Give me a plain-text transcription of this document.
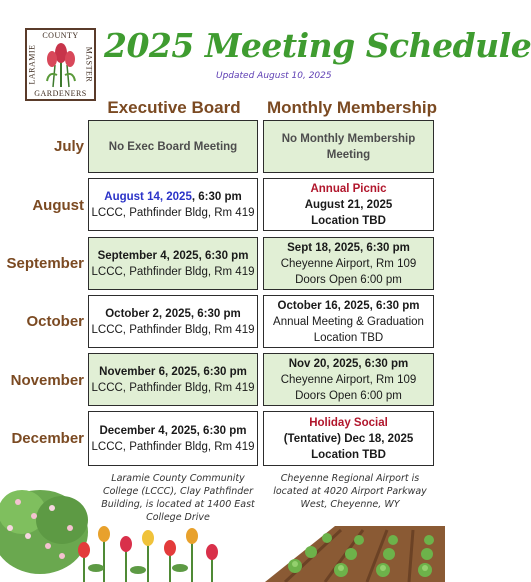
COUNTY
LARAMIE	MASTER
GARDENERS
2025 Meeting Schedule
Updated August 10, 2025
Executive Board	Monthly Membership
July No Exec Board Meeting
No Monthly Membership
Meeting
August
August 14, 2025, 6:30 pm
LCCC, Pathfinder Bldg, Rm 419
Annual Picnic
August 21, 2025
Location TBD
September September 4, 2025, 6:30 pm
LCCC, Pathfinder Bldg, Rm 419
Sept 18, 2025, 6:30 pm
Cheyenne Airport, Rm 109
Doors Open 6:00 pm
October October 2, 2025, 6:30 pm
LCCC, Pathfinder Bldg, Rm 419
October 16, 2025, 6:30 pm
Annual Meeting & Graduation
Location TBD
November
November 6, 2025, 6:30 pm
LCCC, Pathfinder Bldg, Rm 419
Nov 20, 2025, 6:30 pm
Cheyenne Airport, Rm 109
Doors Open 6:00 pm
December December 4, 2025, 6:30 pm
LCCC, Pathfinder Bldg, Rm 419
Holiday Social
(Tentative) Dec 18, 2025
Location TBD
Laramie County Community College (LCCC), Clay Pathfinder Building, is located at 1400 East College Drive
Cheyenne Regional Airport is located at 4020 Airport Parkway West, Cheyenne, WY
